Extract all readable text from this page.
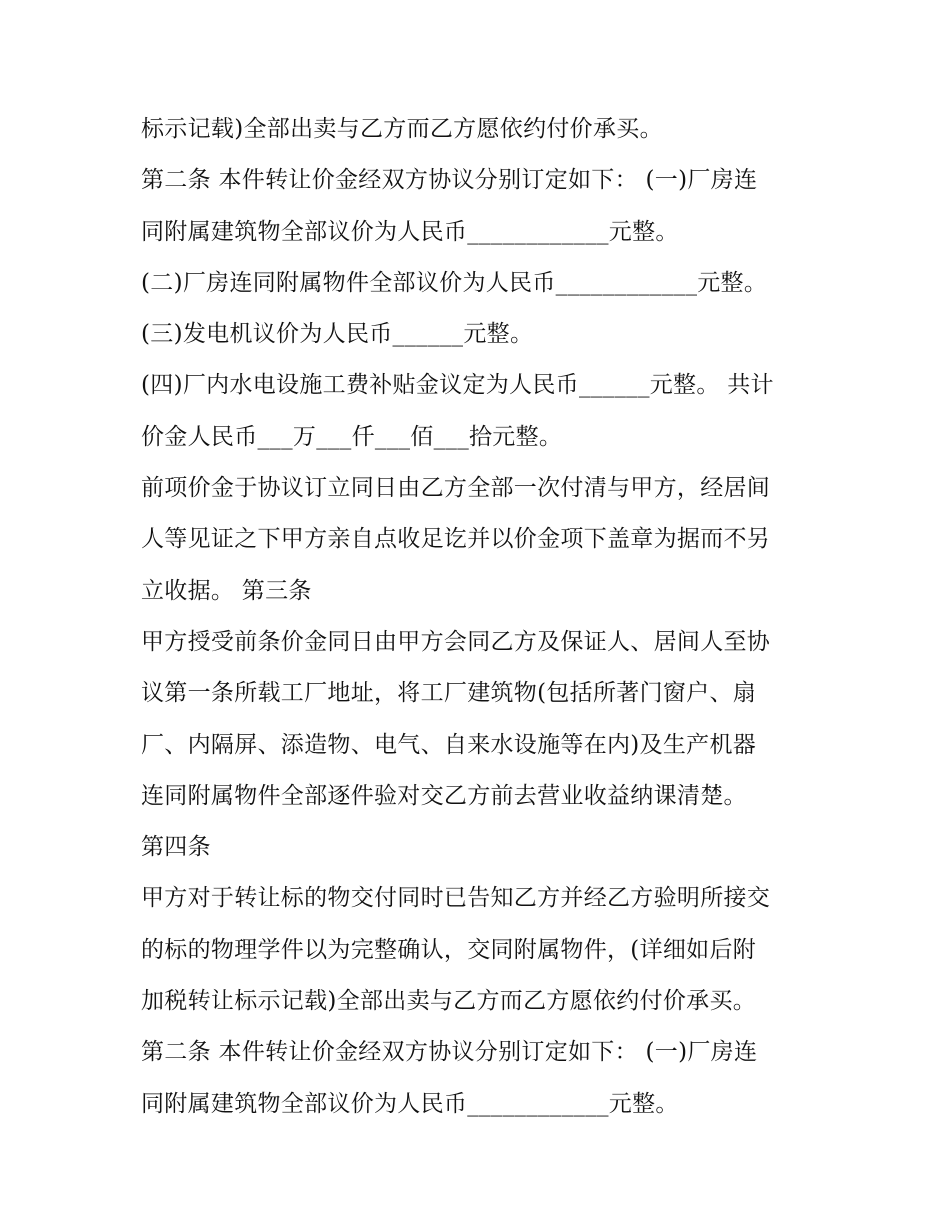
标示记载)全部出卖与乙方而乙方愿依约付价承买。
第二条 本件转让价金经双方协议分别订定如下： (一)厂房连
同附属建筑物全部议价为人民币____________元整。
(二)厂房连同附属物件全部议价为人民币____________元整。
(三)发电机议价为人民币______元整。
(四)厂内水电设施工费补贴金议定为人民币______元整。 共计
价金人民币___万___仟___佰___拾元整。
前项价金于协议订立同日由乙方全部一次付清与甲方，经居间
人等见证之下甲方亲自点收足讫并以价金项下盖章为据而不另
立收据。 第三条
甲方授受前条价金同日由甲方会同乙方及保证人、居间人至协
议第一条所载工厂地址，将工厂建筑物(包括所著门窗户、扇
厂、内隔屏、添造物、电气、自来水设施等在内)及生产机器
连同附属物件全部逐件验对交乙方前去营业收益纳课清楚。
第四条
甲方对于转让标的物交付同时已告知乙方并经乙方验明所接交
的标的物理学件以为完整确认，交同附属物件，(详细如后附
加税转让标示记载)全部出卖与乙方而乙方愿依约付价承买。
第二条 本件转让价金经双方协议分别订定如下： (一)厂房连
同附属建筑物全部议价为人民币____________元整。
